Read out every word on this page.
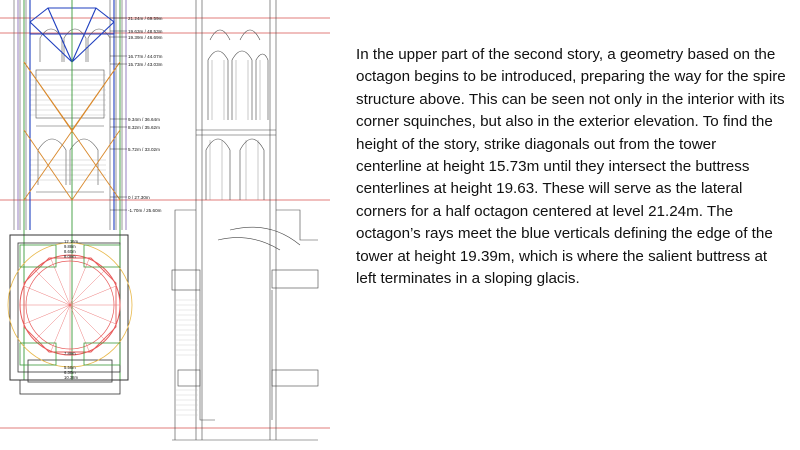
21.24m / 69.59m
19.63m / 48.53m
19.39m / 46.69m
16.77m / 44.07m
15.73m / 43.03m
9.34m / 36.64m
8.32m / 35.62m
5.72m / 33.02m
0 / 27.30m
-1.70m / 25.60m
12.16m
9.88m
8.60m
8.08m
7.88m
5.58m
6.30m
10.38m

In the upper part of the second story, a geometry based on the octagon begins to be introduced, preparing the way for the spire structure above. This can be seen not only in the interior with its corner squinches, but also in the exterior elevation. To find the height of the story, strike diagonals out from the tower centerline at height 15.73m until they intersect the buttress centerlines at height 19.63. These will serve as the lateral corners for a half octagon centered at level 21.24m. The octagon’s rays meet the blue verticals defining the edge of the tower at height 19.39m, which is where the salient buttress at left terminates in a sloping glacis.
